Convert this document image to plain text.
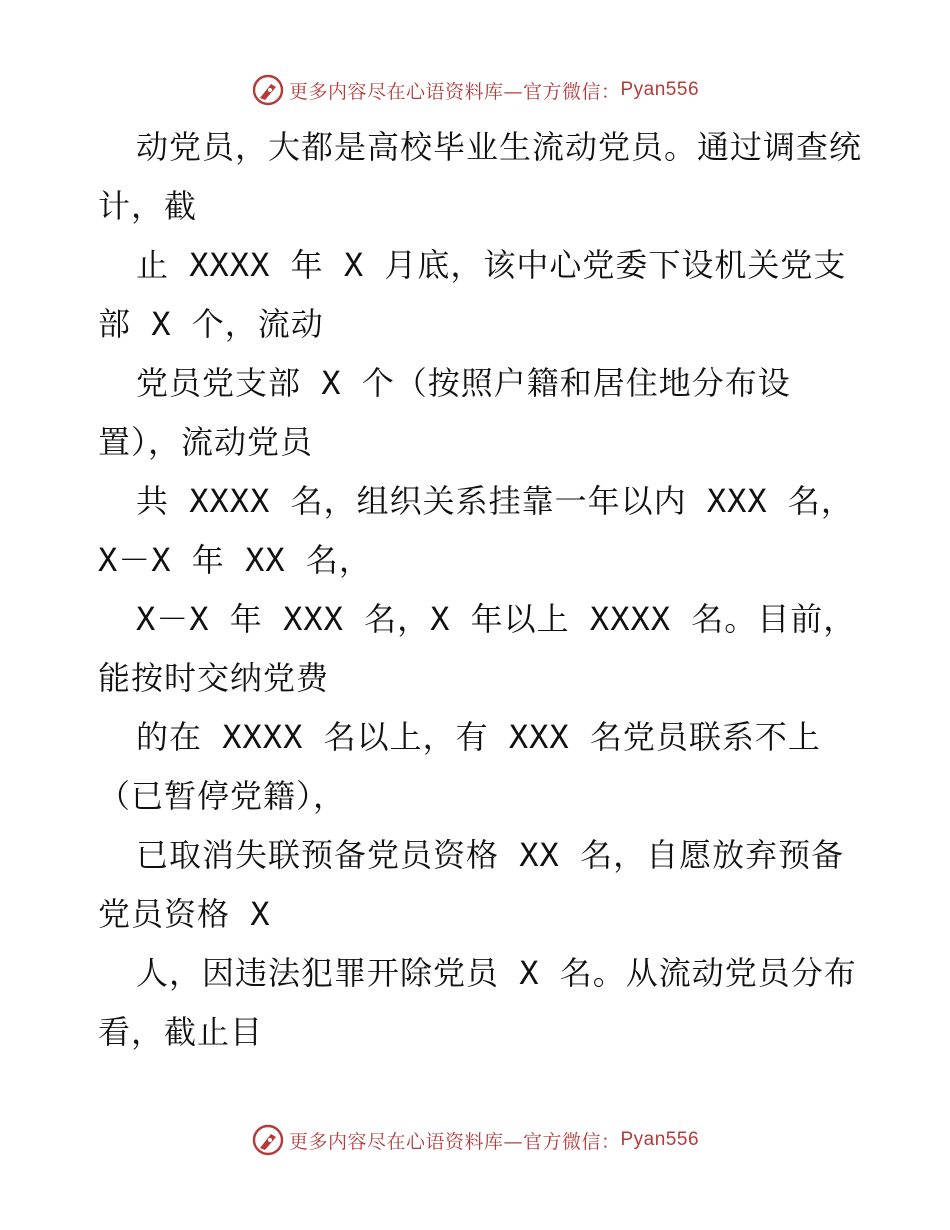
更多内容尽在心语资料库—官方微信： Pyan556

动党员，大都是高校毕业生流动党员。通过调查统计，截

止 XXXX 年 X 月底，该中心党委下设机关党支部 X 个，流动

党员党支部 X 个（按照户籍和居住地分布设置），流动党员

共 XXXX 名，组织关系挂靠一年以内 XXX 名，X－X 年 XX 名，

X－X 年 XXX 名，X 年以上 XXXX 名。目前，能按时交纳党费

的在 XXXX 名以上，有 XXX 名党员联系不上（已暂停党籍），

已取消失联预备党员资格 XX 名，自愿放弃预备党员资格 X

人，因违法犯罪开除党员 X 名。从流动党员分布看，截止目

更多内容尽在心语资料库—官方微信： Pyan556
